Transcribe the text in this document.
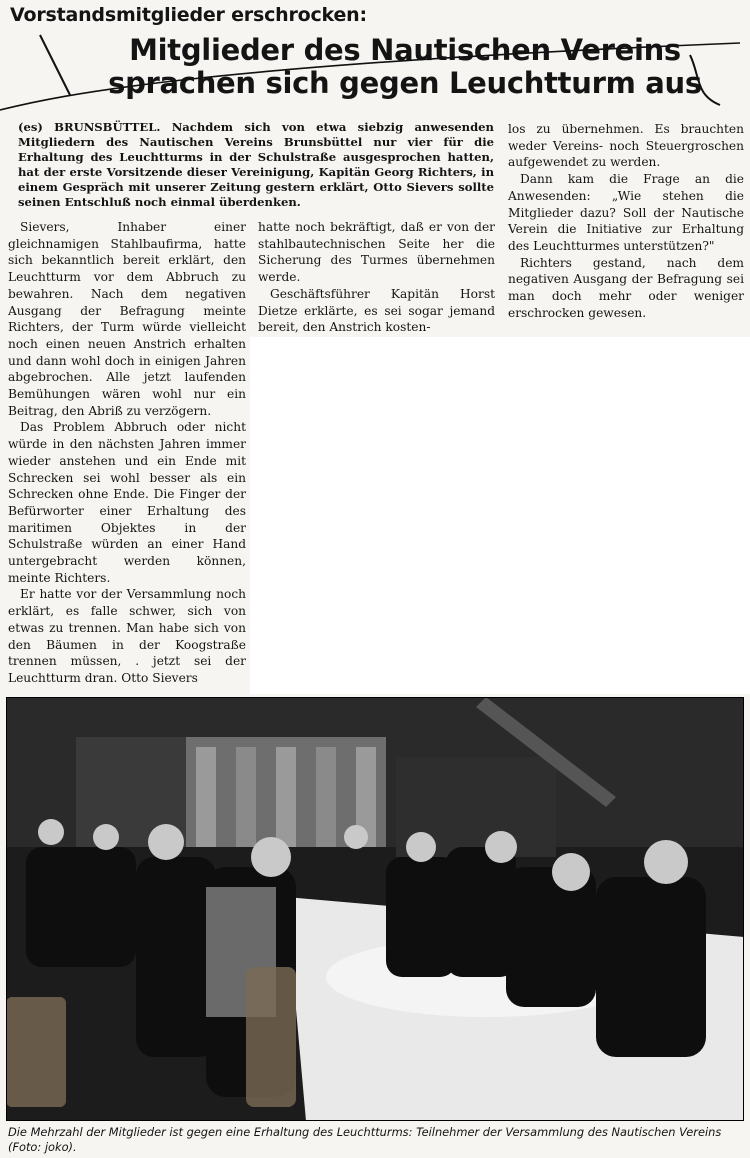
Vorstandsmitglieder erschrocken:
Mitglieder des Nautischen Vereins
sprachen sich gegen Leuchtturm aus
(es) BRUNSBÜTTEL. Nachdem sich von etwa siebzig anwesenden Mitgliedern des Nautischen Vereins Brunsbüttel nur vier für die Erhaltung des Leuchtturms in der Schulstraße ausgesprochen hatten, hat der erste Vorsitzende dieser Vereinigung, Kapitän Georg Richters, in einem Gespräch mit unserer Zeitung gestern erklärt, Otto Sievers sollte seinen Entschluß noch einmal überdenken.

Sievers, Inhaber einer gleichnamigen Stahlbaufirma, hatte sich bekanntlich bereit erklärt, den Leuchtturm vor dem Abbruch zu bewahren. Nach dem negativen Ausgang der Befragung meinte Richters, der Turm würde vielleicht noch einen neuen Anstrich erhalten und dann wohl doch in einigen Jahren abgebrochen. Alle jetzt laufenden Bemühungen wären wohl nur ein Beitrag, den Abriß zu verzögern.

Das Problem Abbruch oder nicht würde in den nächsten Jahren immer wieder anstehen und ein Ende mit Schrecken sei wohl besser als ein Schrecken ohne Ende. Die Finger der Befürworter einer Erhaltung des maritimen Objektes in der Schulstraße würden an einer Hand untergebracht werden können, meinte Richters.

Er hatte vor der Versammlung noch erklärt, es falle schwer, sich von etwas zu trennen. Man habe sich von den Bäumen in der Koogstraße trennen müssen, . jetzt sei der Leuchtturm dran. Otto Sievers

hatte noch bekräftigt, daß er von der stahlbautechnischen Seite her die Sicherung des Turmes übernehmen werde.

Geschäftsführer Kapitän Horst Dietze erklärte, es sei sogar jemand bereit, den Anstrich kosten-

los zu übernehmen. Es brauchten weder Vereins- noch Steuergroschen aufgewendet zu werden.

Dann kam die Frage an die Anwesenden: „Wie stehen die Mitglieder dazu? Soll der Nautische Verein die Initiative zur Erhaltung des Leuchtturmes unterstützen?"

Richters gestand, nach dem negativen Ausgang der Befragung sei man doch mehr oder weniger erschrocken gewesen.

Die Mehrzahl der Mitglieder ist gegen eine Erhaltung des Leuchtturms: Teilnehmer der Versammlung des Nautischen Vereins (Foto: joko).
